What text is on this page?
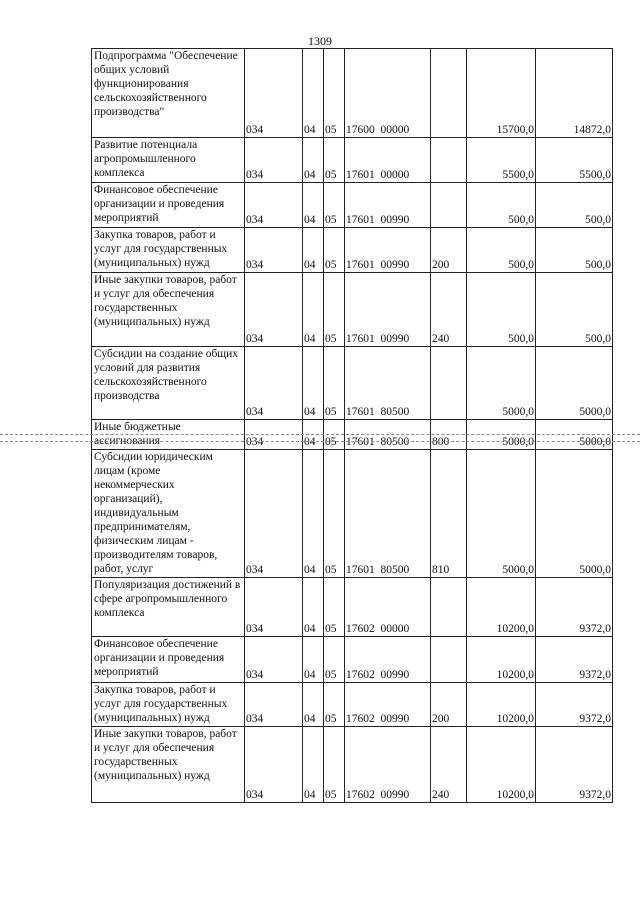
1309
Подпрограмма "Обеспечение общих условий функционирования сельскохозяйственного производства"	034	04	05	17600 00000		15700,0	14872,0
Развитие потенциала агропромышленного комплекса	034	04	05	17601 00000		5500,0	5500,0
Финансовое обеспечение организации и проведения мероприятий	034	04	05	17601 00990		500,0	500,0
Закупка товаров, работ и услуг для государственных (муниципальных) нужд	034	04	05	17601 00990	200	500,0	500,0
Иные закупки товаров, работ и услуг для обеспечения государственных (муниципальных) нужд	034	04	05	17601 00990	240	500,0	500,0
Субсидии на создание общих условий для развития сельскохозяйственного производства	034	04	05	17601 80500		5000,0	5000,0
Иные бюджетные ассигнования	034	04	05	17601 80500	800	5000,0	5000,0
Субсидии юридическим лицам (кроме некоммерческих организаций), индивидуальным предпринимателям, физическим лицам - производителям товаров, работ, услуг	034	04	05	17601 80500	810	5000,0	5000,0
Популяризация достижений в сфере агропромышленного комплекса	034	04	05	17602 00000		10200,0	9372,0
Финансовое обеспечение организации и проведения мероприятий	034	04	05	17602 00990		10200,0	9372,0
Закупка товаров, работ и услуг для государственных (муниципальных) нужд	034	04	05	17602 00990	200	10200,0	9372,0
Иные закупки товаров, работ и услуг для обеспечения государственных (муниципальных) нужд	034	04	05	17602 00990	240	10200,0	9372,0
